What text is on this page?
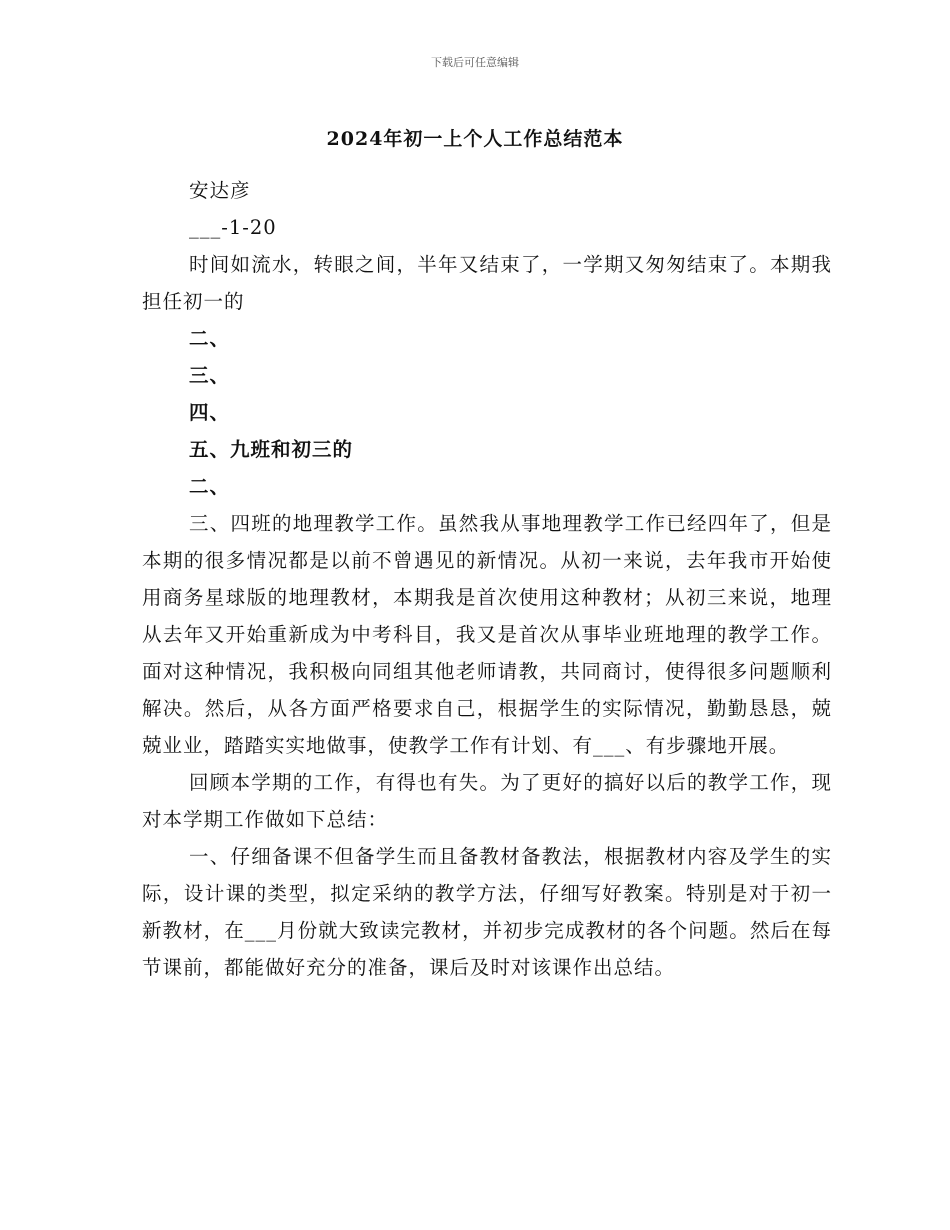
下载后可任意编辑
2024年初一上个人工作总结范本

安达彦

___-1-20

时间如流水，转眼之间，半年又结束了，一学期又匆匆结束了。本期我担任初一的

二、

三、

四、

五、九班和初三的

二、

三、四班的地理教学工作。虽然我从事地理教学工作已经四年了，但是本期的很多情况都是以前不曾遇见的新情况。从初一来说，去年我市开始使用商务星球版的地理教材，本期我是首次使用这种教材；从初三来说，地理从去年又开始重新成为中考科目，我又是首次从事毕业班地理的教学工作。面对这种情况，我积极向同组其他老师请教，共同商讨，使得很多问题顺利解决。然后，从各方面严格要求自己，根据学生的实际情况，勤勤恳恳，兢兢业业，踏踏实实地做事，使教学工作有计划、有___、有步骤地开展。

回顾本学期的工作，有得也有失。为了更好的搞好以后的教学工作，现对本学期工作做如下总结：

一、仔细备课不但备学生而且备教材备教法，根据教材内容及学生的实际，设计课的类型，拟定采纳的教学方法，仔细写好教案。特别是对于初一新教材，在___月份就大致读完教材，并初步完成教材的各个问题。然后在每节课前，都能做好充分的准备，课后及时对该课作出总结。
